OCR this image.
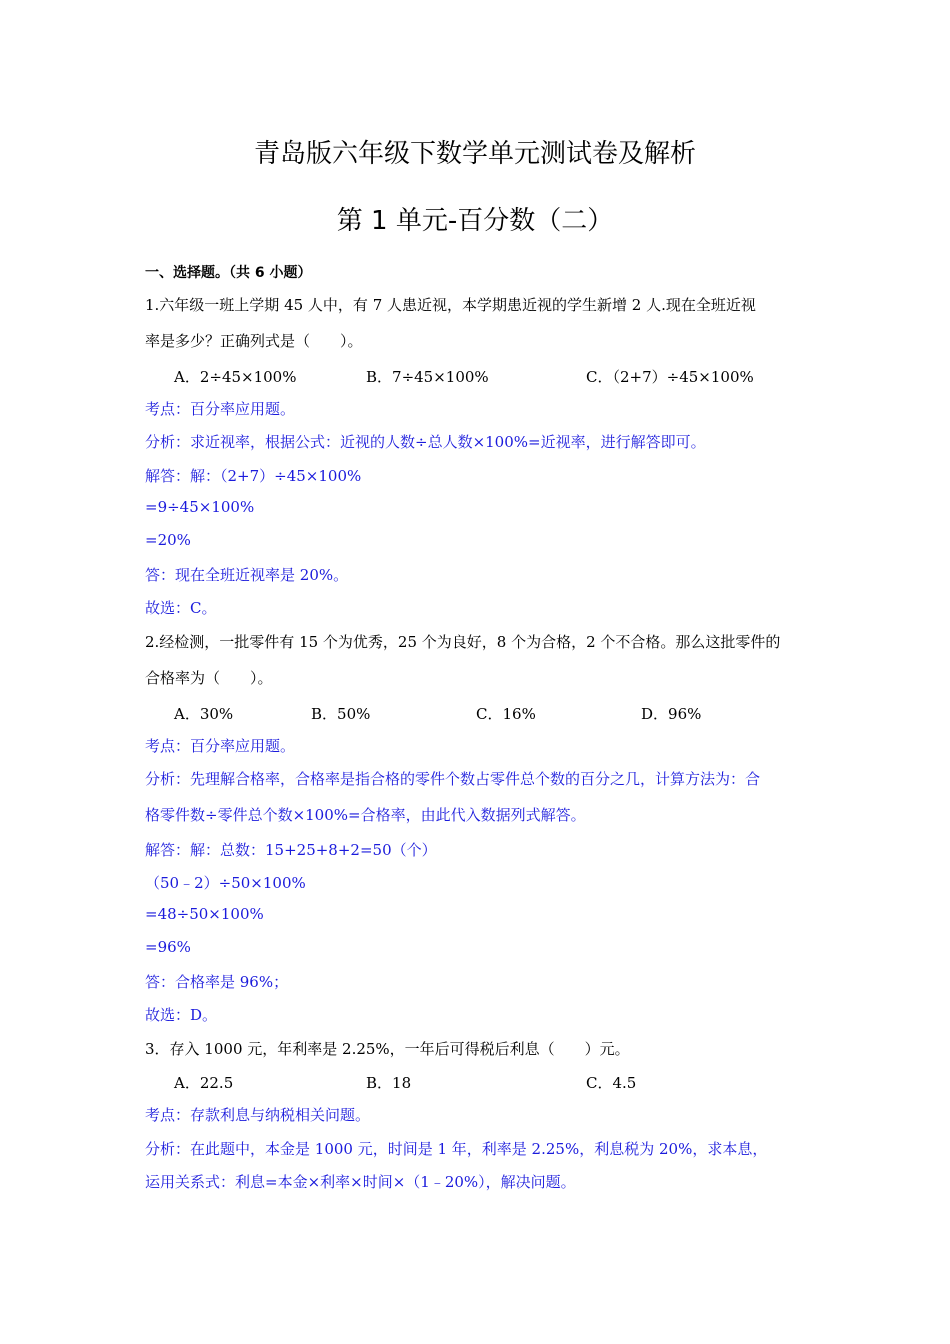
青岛版六年级下数学单元测试卷及解析
第 1 单元-百分数（二）
一、选择题。（共 6 小题）
1.六年级一班上学期 45 人中，有 7 人患近视，本学期患近视的学生新增 2 人.现在全班近视
率是多少？正确列式是（　　）。
A．2÷45×100%	B．7÷45×100%	C．（2+7）÷45×100%
考点：百分率应用题。
分析：求近视率，根据公式：近视的人数÷总人数×100%=近视率，进行解答即可。
解答：解：（2+7）÷45×100%
=9÷45×100%
=20%
答：现在全班近视率是 20%。
故选：C。
2.经检测，一批零件有 15 个为优秀，25 个为良好，8 个为合格，2 个不合格。那么这批零件的
合格率为（　　）。
A．30%	B．50%	C．16%	D．96%
考点：百分率应用题。
分析：先理解合格率，合格率是指合格的零件个数占零件总个数的百分之几，计算方法为：合
格零件数÷零件总个数×100%=合格率，由此代入数据列式解答。
解答：解：总数：15+25+8+2=50（个）
（50﹣2）÷50×100%
=48÷50×100%
=96%
答：合格率是 96%；
故选：D。
3．存入 1000 元，年利率是 2.25%，一年后可得税后利息（　　）元。
A．22.5	B．18	C．4.5
考点：存款利息与纳税相关问题。
分析：在此题中，本金是 1000 元，时间是 1 年，利率是 2.25%，利息税为 20%，求本息，
运用关系式：利息=本金×利率×时间×（1﹣20%），解决问题。
